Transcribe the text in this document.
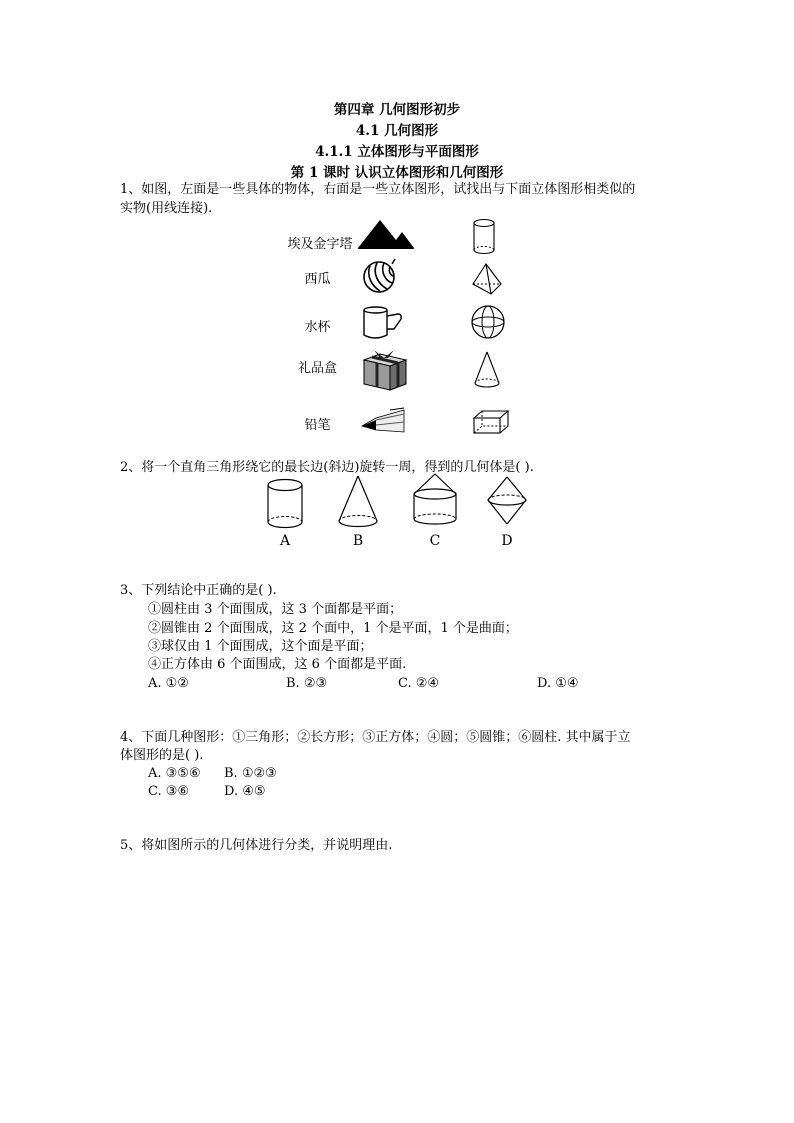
第四章 几何图形初步
4.1 几何图形
4.1.1 立体图形与平面图形
第 1 课时 认识立体图形和几何图形
1、如图，左面是一些具体的物体，右面是一些立体图形，试找出与下面立体图形相类似的
实物(用线连接).
埃及金字塔
西瓜
水杯
礼品盒
铅笔
2、将一个直角三角形绕它的最长边(斜边)旋转一周，得到的几何体是( ).
A	B	C	D
3、下列结论中正确的是( ).
①圆柱由 3 个面围成，这 3 个面都是平面；
②圆锥由 2 个面围成，这 2 个面中，1 个是平面，1 个是曲面；
③球仅由 1 个面围成，这个面是平面；
④正方体由 6 个面围成，这 6 个面都是平面.
A. ①②	B. ②③	C. ②④	D. ①④
4、下面几种图形：①三角形；②长方形；③正方体；④圆；⑤圆锥；⑥圆柱. 其中属于立
体图形的是( ).
A. ③⑤⑥ B. ①②③
C. ③⑥	D. ④⑤
5、将如图所示的几何体进行分类，并说明理由.
